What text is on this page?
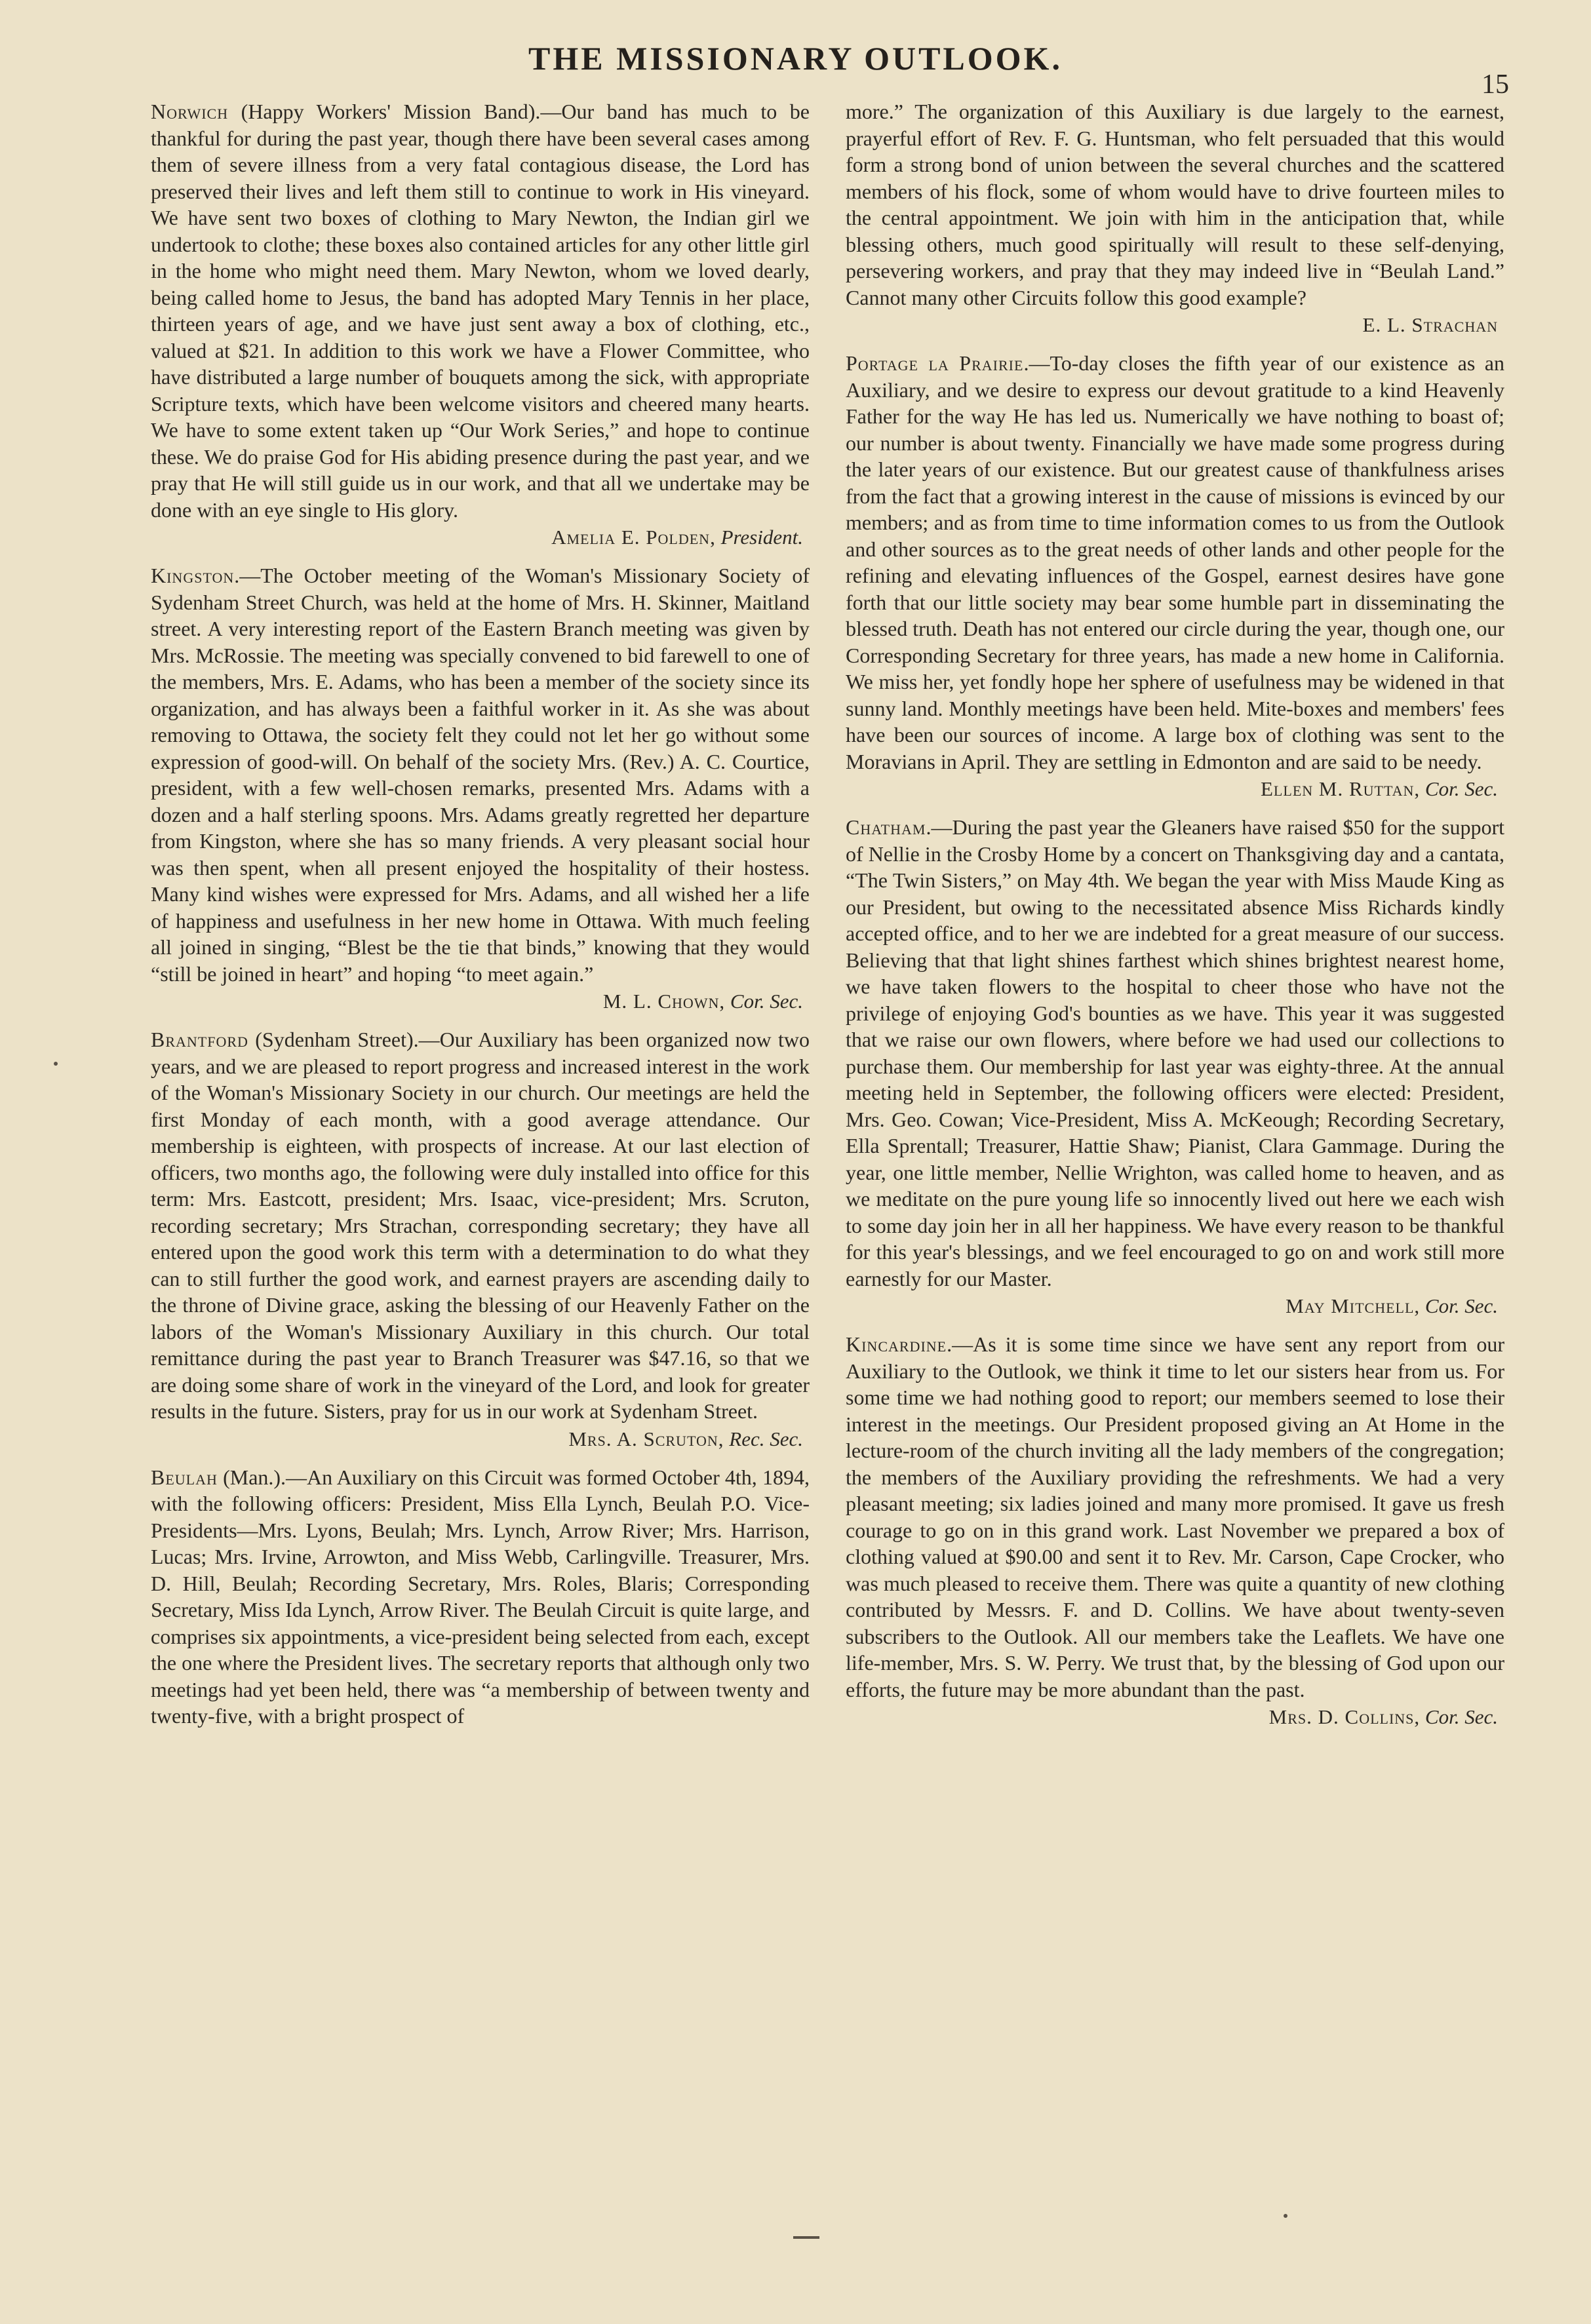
THE MISSIONARY OUTLOOK.
15

Norwich (Happy Workers' Mission Band).—Our band has much to be thankful for during the past year, though there have been several cases among them of severe illness from a very fatal contagious disease, the Lord has preserved their lives and left them still to continue to work in His vineyard. We have sent two boxes of clothing to Mary Newton, the Indian girl we undertook to clothe; these boxes also contained articles for any other little girl in the home who might need them. Mary Newton, whom we loved dearly, being called home to Jesus, the band has adopted Mary Tennis in her place, thirteen years of age, and we have just sent away a box of clothing, etc., valued at $21. In addition to this work we have a Flower Committee, who have distributed a large number of bouquets among the sick, with appropriate Scripture texts, which have been welcome visitors and cheered many hearts. We have to some extent taken up “Our Work Series,” and hope to continue these. We do praise God for His abiding presence during the past year, and we pray that He will still guide us in our work, and that all we undertake may be done with an eye single to His glory.

Amelia E. Polden, President.

Kingston.—The October meeting of the Woman's Missionary Society of Sydenham Street Church, was held at the home of Mrs. H. Skinner, Maitland street. A very interesting report of the Eastern Branch meeting was given by Mrs. McRossie. The meeting was specially convened to bid farewell to one of the members, Mrs. E. Adams, who has been a member of the society since its organization, and has always been a faithful worker in it. As she was about removing to Ottawa, the society felt they could not let her go without some expression of good-will. On behalf of the society Mrs. (Rev.) A. C. Courtice, president, with a few well-chosen remarks, presented Mrs. Adams with a dozen and a half sterling spoons. Mrs. Adams greatly regretted her departure from Kingston, where she has so many friends. A very pleasant social hour was then spent, when all present enjoyed the hospitality of their hostess. Many kind wishes were expressed for Mrs. Adams, and all wished her a life of happiness and usefulness in her new home in Ottawa. With much feeling all joined in singing, “Blest be the tie that binds,” knowing that they would “still be joined in heart” and hoping “to meet again.”

M. L. Chown, Cor. Sec.

Brantford (Sydenham Street).—Our Auxiliary has been organized now two years, and we are pleased to report progress and increased interest in the work of the Woman's Missionary Society in our church. Our meetings are held the first Monday of each month, with a good average attendance. Our membership is eighteen, with prospects of increase. At our last election of officers, two months ago, the following were duly installed into office for this term: Mrs. Eastcott, president; Mrs. Isaac, vice-president; Mrs. Scruton, recording secretary; Mrs Strachan, corresponding secretary; they have all entered upon the good work this term with a determination to do what they can to still further the good work, and earnest prayers are ascending daily to the throne of Divine grace, asking the blessing of our Heavenly Father on the labors of the Woman's Missionary Auxiliary in this church. Our total remittance during the past year to Branch Treasurer was $47.16, so that we are doing some share of work in the vineyard of the Lord, and look for greater results in the future. Sisters, pray for us in our work at Sydenham Street.

Mrs. A. Scruton, Rec. Sec.

Beulah (Man.).—An Auxiliary on this Circuit was formed October 4th, 1894, with the following officers: President, Miss Ella Lynch, Beulah P.O. Vice-Presidents—Mrs. Lyons, Beulah; Mrs. Lynch, Arrow River; Mrs. Harrison, Lucas; Mrs. Irvine, Arrowton, and Miss Webb, Carlingville. Treasurer, Mrs. D. Hill, Beulah; Recording Secretary, Mrs. Roles, Blaris; Corresponding Secretary, Miss Ida Lynch, Arrow River. The Beulah Circuit is quite large, and comprises six appointments, a vice-president being selected from each, except the one where the President lives. The secretary reports that although only two meetings had yet been held, there was “a membership of between twenty and twenty-five, with a bright prospect of

more.” The organization of this Auxiliary is due largely to the earnest, prayerful effort of Rev. F. G. Huntsman, who felt persuaded that this would form a strong bond of union between the several churches and the scattered members of his flock, some of whom would have to drive fourteen miles to the central appointment. We join with him in the anticipation that, while blessing others, much good spiritually will result to these self-denying, persevering workers, and pray that they may indeed live in “Beulah Land.” Cannot many other Circuits follow this good example?

E. L. Strachan

Portage la Prairie.—To-day closes the fifth year of our existence as an Auxiliary, and we desire to express our devout gratitude to a kind Heavenly Father for the way He has led us. Numerically we have nothing to boast of; our number is about twenty. Financially we have made some progress during the later years of our existence. But our greatest cause of thankfulness arises from the fact that a growing interest in the cause of missions is evinced by our members; and as from time to time information comes to us from the Outlook and other sources as to the great needs of other lands and other people for the refining and elevating influences of the Gospel, earnest desires have gone forth that our little society may bear some humble part in disseminating the blessed truth. Death has not entered our circle during the year, though one, our Corresponding Secretary for three years, has made a new home in California. We miss her, yet fondly hope her sphere of usefulness may be widened in that sunny land. Monthly meetings have been held. Mite-boxes and members' fees have been our sources of income. A large box of clothing was sent to the Moravians in April. They are settling in Edmonton and are said to be needy.

Ellen M. Ruttan, Cor. Sec.

Chatham.—During the past year the Gleaners have raised $50 for the support of Nellie in the Crosby Home by a concert on Thanksgiving day and a cantata, “The Twin Sisters,” on May 4th. We began the year with Miss Maude King as our President, but owing to the necessitated absence Miss Richards kindly accepted office, and to her we are indebted for a great measure of our success. Believing that that light shines farthest which shines brightest nearest home, we have taken flowers to the hospital to cheer those who have not the privilege of enjoying God's bounties as we have. This year it was suggested that we raise our own flowers, where before we had used our collections to purchase them. Our membership for last year was eighty-three. At the annual meeting held in September, the following officers were elected: President, Mrs. Geo. Cowan; Vice-President, Miss A. McKeough; Recording Secretary, Ella Sprentall; Treasurer, Hattie Shaw; Pianist, Clara Gammage. During the year, one little member, Nellie Wrighton, was called home to heaven, and as we meditate on the pure young life so innocently lived out here we each wish to some day join her in all her happiness. We have every reason to be thankful for this year's blessings, and we feel encouraged to go on and work still more earnestly for our Master.

May Mitchell, Cor. Sec.

Kincardine.—As it is some time since we have sent any report from our Auxiliary to the Outlook, we think it time to let our sisters hear from us. For some time we had nothing good to report; our members seemed to lose their interest in the meetings. Our President proposed giving an At Home in the lecture-room of the church inviting all the lady members of the congregation; the members of the Auxiliary providing the refreshments. We had a very pleasant meeting; six ladies joined and many more promised. It gave us fresh courage to go on in this grand work. Last November we prepared a box of clothing valued at $90.00 and sent it to Rev. Mr. Carson, Cape Crocker, who was much pleased to receive them. There was quite a quantity of new clothing contributed by Messrs. F. and D. Collins. We have about twenty-seven subscribers to the Outlook. All our members take the Leaflets. We have one life-member, Mrs. S. W. Perry. We trust that, by the blessing of God upon our efforts, the future may be more abundant than the past.

Mrs. D. Collins, Cor. Sec.
